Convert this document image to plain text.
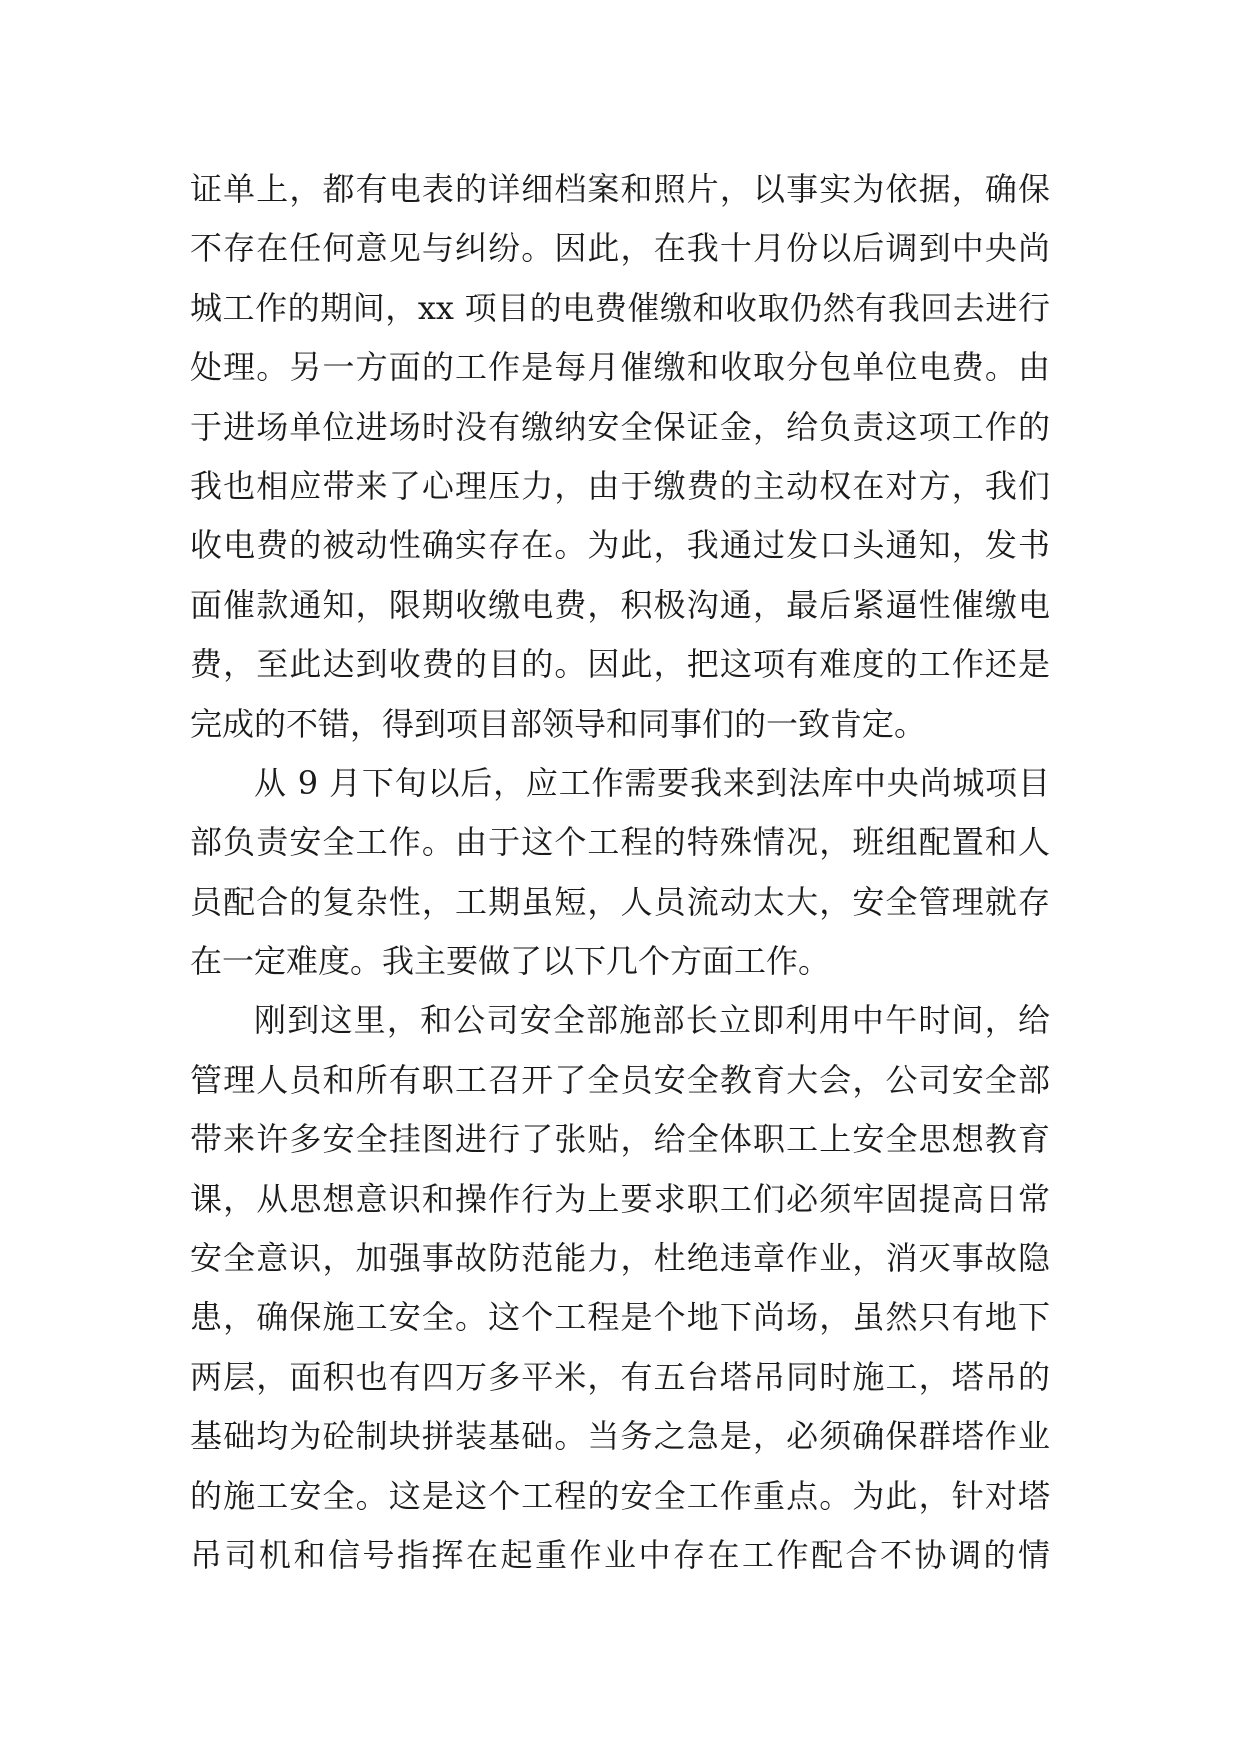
证单上，都有电表的详细档案和照片，以事实为依据，确保
不存在任何意见与纠纷。因此，在我十月份以后调到中央尚
城工作的期间，xx 项目的电费催缴和收取仍然有我回去进行
处理。另一方面的工作是每月催缴和收取分包单位电费。由
于进场单位进场时没有缴纳安全保证金，给负责这项工作的
我也相应带来了心理压力，由于缴费的主动权在对方，我们
收电费的被动性确实存在。为此，我通过发口头通知，发书
面催款通知，限期收缴电费，积极沟通，最后紧逼性催缴电
费，至此达到收费的目的。因此，把这项有难度的工作还是
完成的不错，得到项目部领导和同事们的一致肯定。
从 9 月下旬以后，应工作需要我来到法库中央尚城项目
部负责安全工作。由于这个工程的特殊情况，班组配置和人
员配合的复杂性，工期虽短，人员流动太大，安全管理就存
在一定难度。我主要做了以下几个方面工作。
刚到这里，和公司安全部施部长立即利用中午时间，给
管理人员和所有职工召开了全员安全教育大会，公司安全部
带来许多安全挂图进行了张贴，给全体职工上安全思想教育
课，从思想意识和操作行为上要求职工们必须牢固提高日常
安全意识，加强事故防范能力，杜绝违章作业，消灭事故隐
患，确保施工安全。这个工程是个地下尚场，虽然只有地下
两层，面积也有四万多平米，有五台塔吊同时施工，塔吊的
基础均为砼制块拼装基础。当务之急是，必须确保群塔作业
的施工安全。这是这个工程的安全工作重点。为此，针对塔
吊司机和信号指挥在起重作业中存在工作配合不协调的情
